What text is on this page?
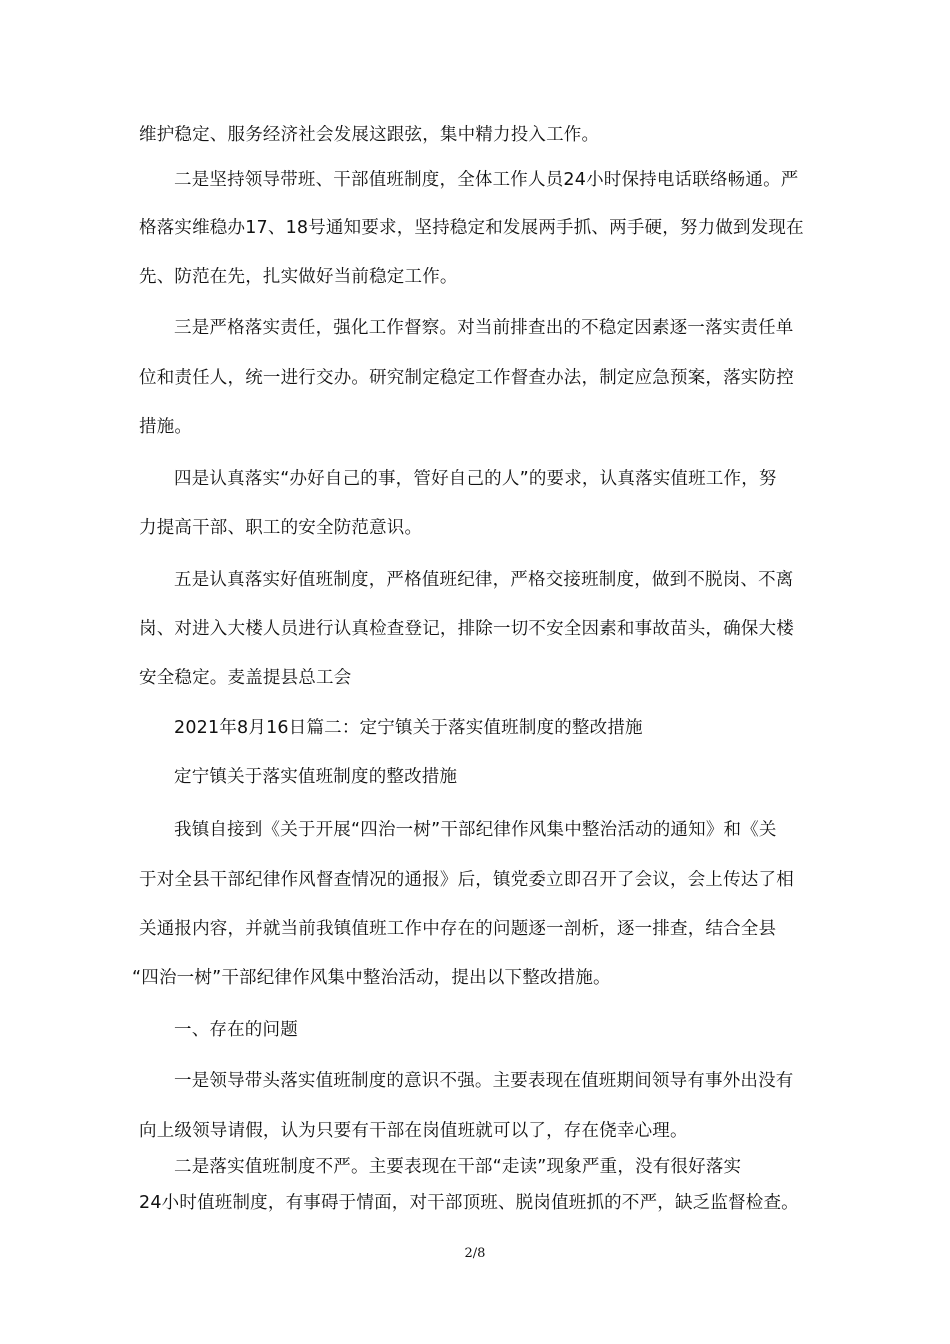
维护稳定、服务经济社会发展这跟弦，集中精力投入工作。
二是坚持领导带班、干部值班制度，全体工作人员24小时保持电话联络畅通。严
格落实维稳办17、18号通知要求，坚持稳定和发展两手抓、两手硬，努力做到发现在
先、防范在先，扎实做好当前稳定工作。
三是严格落实责任，强化工作督察。对当前排查出的不稳定因素逐一落实责任单
位和责任人，统一进行交办。研究制定稳定工作督查办法，制定应急预案，落实防控
措施。
四是认真落实“办好自己的事，管好自己的人”的要求，认真落实值班工作，努
力提高干部、职工的安全防范意识。
五是认真落实好值班制度，严格值班纪律，严格交接班制度，做到不脱岗、不离
岗、对进入大楼人员进行认真检查登记，排除一切不安全因素和事故苗头，确保大楼
安全稳定。麦盖提县总工会
2021年8月16日篇二：定宁镇关于落实值班制度的整改措施
定宁镇关于落实值班制度的整改措施
我镇自接到《关于开展“四治一树”干部纪律作风集中整治活动的通知》和《关
于对全县干部纪律作风督查情况的通报》后，镇党委立即召开了会议，会上传达了相
关通报内容，并就当前我镇值班工作中存在的问题逐一剖析，逐一排查，结合全县
“四治一树”干部纪律作风集中整治活动，提出以下整改措施。
一、存在的问题
一是领导带头落实值班制度的意识不强。主要表现在值班期间领导有事外出没有
向上级领导请假，认为只要有干部在岗值班就可以了，存在侥幸心理。
二是落实值班制度不严。主要表现在干部“走读”现象严重，没有很好落实
24小时值班制度，有事碍于情面，对干部顶班、脱岗值班抓的不严，缺乏监督检查。
2/8
